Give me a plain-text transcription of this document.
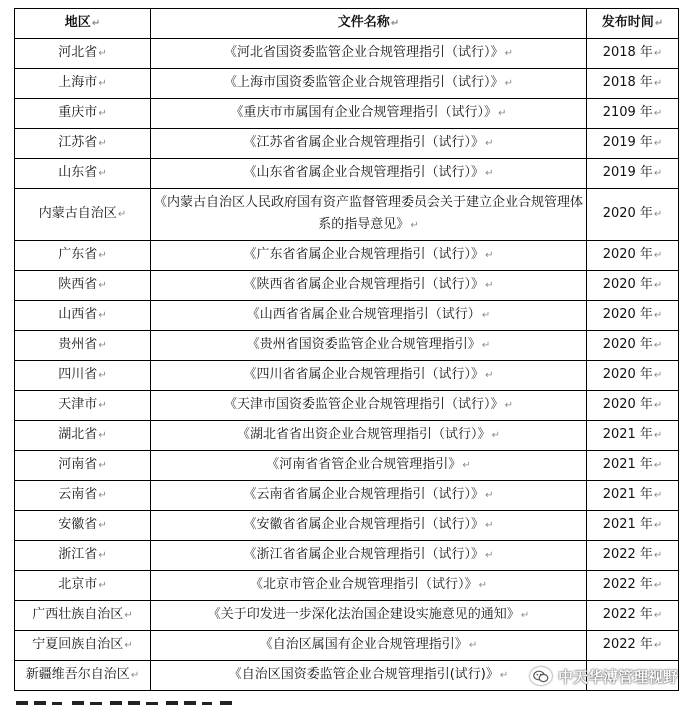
地区↵	文件名称↵	发布时间↵
河北省↵	《河北省国资委监管企业合规管理指引（试行）》↵	2018 年↵
上海市↵	《上海市国资委监管企业合规管理指引（试行）》↵	2018 年↵
重庆市↵	《重庆市市属国有企业合规管理指引（试行）》↵	2109 年↵
江苏省↵	《江苏省省属企业合规管理指引（试行）》↵	2019 年↵
山东省↵	《山东省省属企业合规管理指引（试行）》↵	2019 年↵
内蒙古自治区↵	《内蒙古自治区人民政府国有资产监督管理委员会关于建立企业合规管理体系的指导意见》↵	2020 年↵
广东省↵	《广东省省属企业合规管理指引（试行）》↵	2020 年↵
陕西省↵	《陕西省省属企业合规管理指引（试行）》↵	2020 年↵
山西省↵	《山西省省属企业合规管理指引（试行）↵	2020 年↵
贵州省↵	《贵州省国资委监管企业合规管理指引》↵	2020 年↵
四川省↵	《四川省省属企业合规管理指引（试行）》↵	2020 年↵
天津市↵	《天津市国资委监管企业合规管理指引（试行）》↵	2020 年↵
湖北省↵	《湖北省省出资企业合规管理指引（试行）》↵	2021 年↵
河南省↵	《河南省省管企业合规管理指引》↵	2021 年↵
云南省↵	《云南省省属企业合规管理指引（试行）》↵	2021 年↵
安徽省↵	《安徽省省属企业合规管理指引（试行）》↵	2021 年↵
浙江省↵	《浙江省省属企业合规管理指引（试行）》↵	2022 年↵
北京市↵	《北京市管企业合规管理指引（试行）》↵	2022 年↵
广西壮族自治区↵	《关于印发进一步深化法治国企建设实施意见的通知》↵	2022 年↵
宁夏回族自治区↵	《自治区属国有企业合规管理指引》↵	2022 年↵
新疆维吾尔自治区↵	《自治区国资委监管企业合规管理指引(试行)》↵		中天华溥管理视野
